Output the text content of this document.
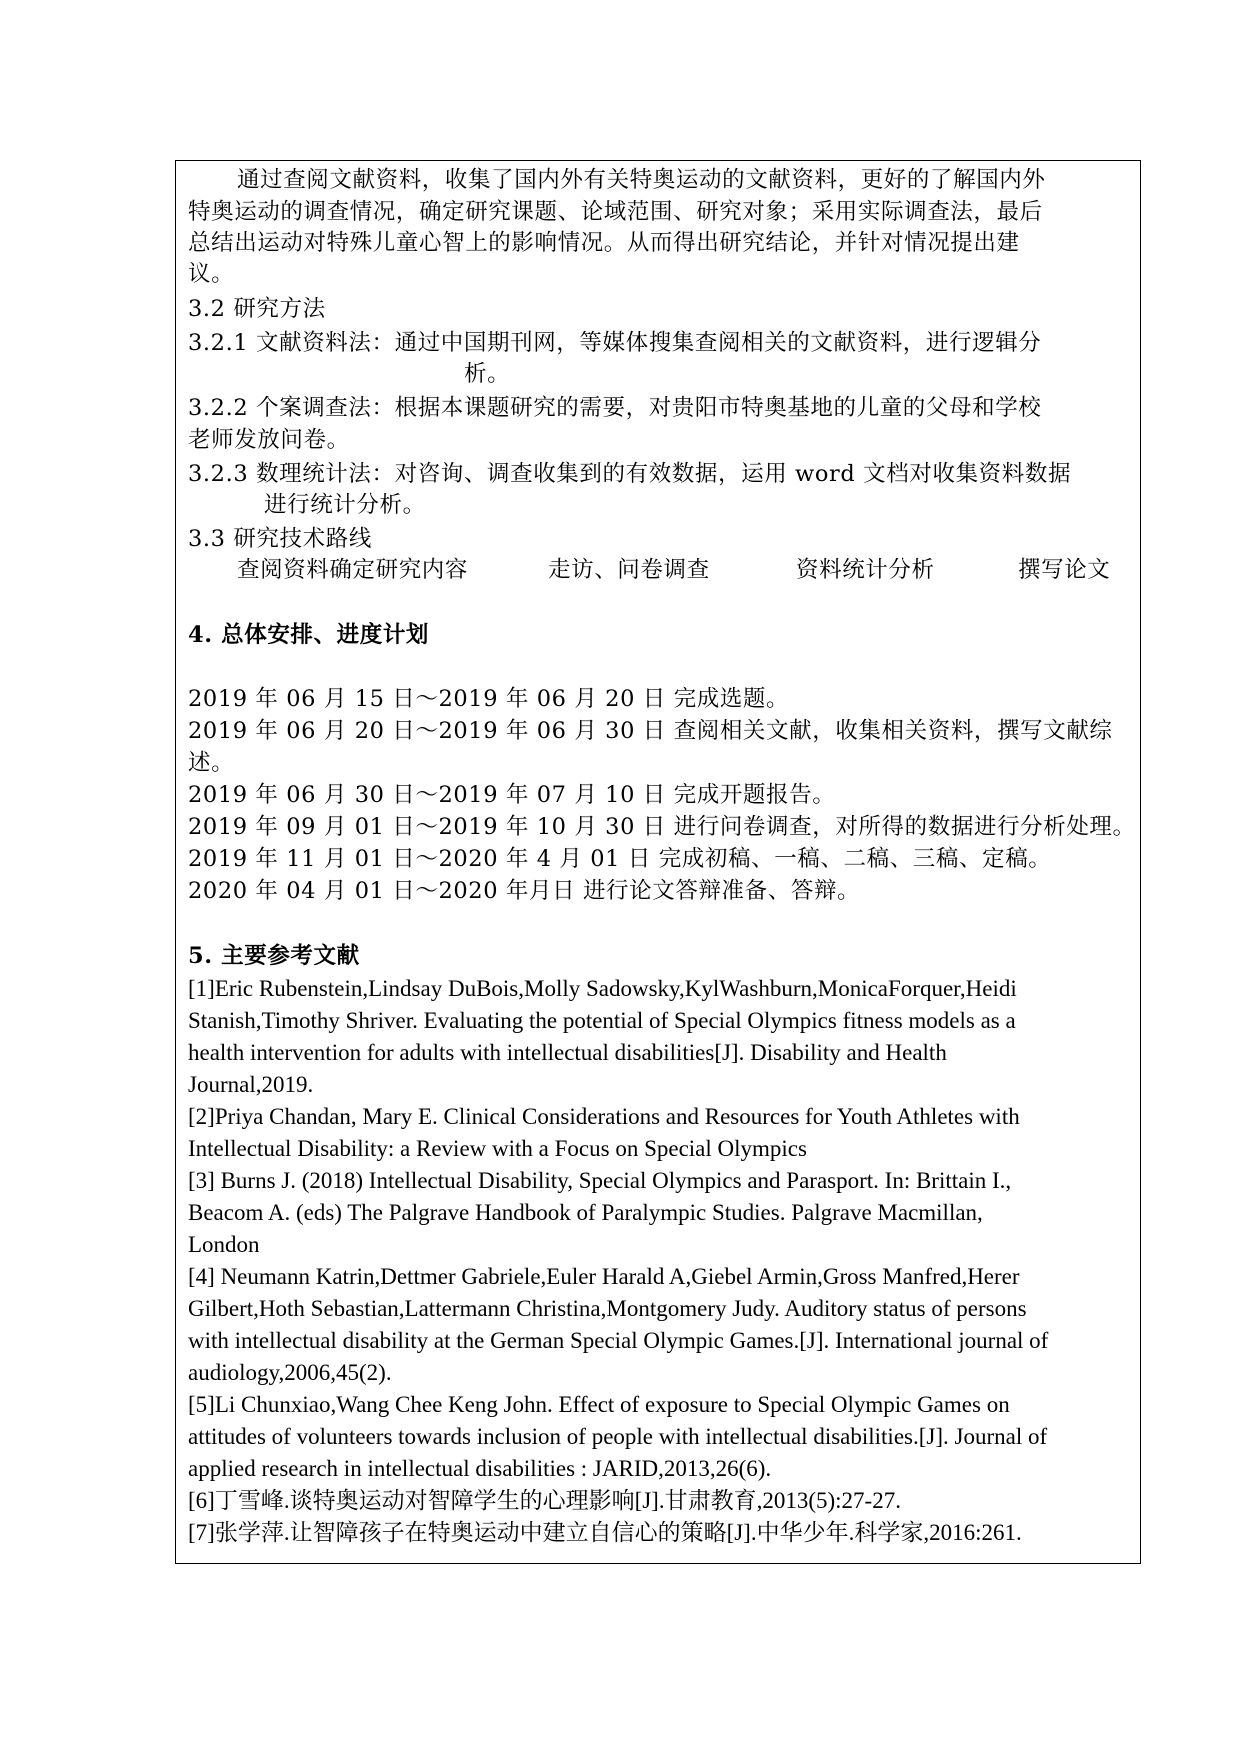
通过查阅文献资料，收集了国内外有关特奥运动的文献资料，更好的了解国内外

特奥运动的调查情况，确定研究课题、论域范围、研究对象；采用实际调查法，最后

总结出运动对特殊儿童心智上的影响情况。从而得出研究结论，并针对情况提出建

议。

3.2 研究方法

3.2.1 文献资料法：通过中国期刊网，等媒体搜集查阅相关的文献资料，进行逻辑分

析。

3.2.2 个案调查法：根据本课题研究的需要，对贵阳市特奥基地的儿童的父母和学校

老师发放问卷。

3.2.3 数理统计法：对咨询、调查收集到的有效数据，运用 word 文档对收集资料数据

进行统计分析。

3.3 研究技术路线

查阅资料确定研究内容	走访、问卷调查	资料统计分析	撰写论文

4. 总体安排、进度计划

2019 年 06 月 15 日～2019 年 06 月 20 日 完成选题。

2019 年 06 月 20 日～2019 年 06 月 30 日 查阅相关文献，收集相关资料，撰写文献综

述。

2019 年 06 月 30 日～2019 年 07 月 10 日 完成开题报告。

2019 年 09 月 01 日～2019 年 10 月 30 日 进行问卷调查，对所得的数据进行分析处理。

2019 年 11 月 01 日～2020 年 4 月 01 日 完成初稿、一稿、二稿、三稿、定稿。

2020 年 04 月 01 日～2020 年月日 进行论文答辩准备、答辩。

5. 主要参考文献

[1]Eric Rubenstein,Lindsay DuBois,Molly Sadowsky,KylWashburn,MonicaForquer,Heidi

Stanish,Timothy Shriver. Evaluating the potential of Special Olympics fitness models as a

health intervention for adults with intellectual disabilities[J]. Disability and Health

Journal,2019.

[2]Priya Chandan, Mary E. Clinical Considerations and Resources for Youth Athletes with

Intellectual Disability: a Review with a Focus on Special Olympics

[3] Burns J. (2018) Intellectual Disability, Special Olympics and Parasport. In: Brittain I.,

Beacom A. (eds) The Palgrave Handbook of Paralympic Studies. Palgrave Macmillan,

London

[4] Neumann Katrin,Dettmer Gabriele,Euler Harald A,Giebel Armin,Gross Manfred,Herer

Gilbert,Hoth Sebastian,Lattermann Christina,Montgomery Judy. Auditory status of persons

with intellectual disability at the German Special Olympic Games.[J]. International journal of

audiology,2006,45(2).

[5]Li Chunxiao,Wang Chee Keng John. Effect of exposure to Special Olympic Games on

attitudes of volunteers towards inclusion of people with intellectual disabilities.[J]. Journal of

applied research in intellectual disabilities : JARID,2013,26(6).

[6]丁雪峰.谈特奥运动对智障学生的心理影响[J].甘肃教育,2013(5):27-27.

[7]张学萍.让智障孩子在特奥运动中建立自信心的策略[J].中华少年.科学家,2016:261.
